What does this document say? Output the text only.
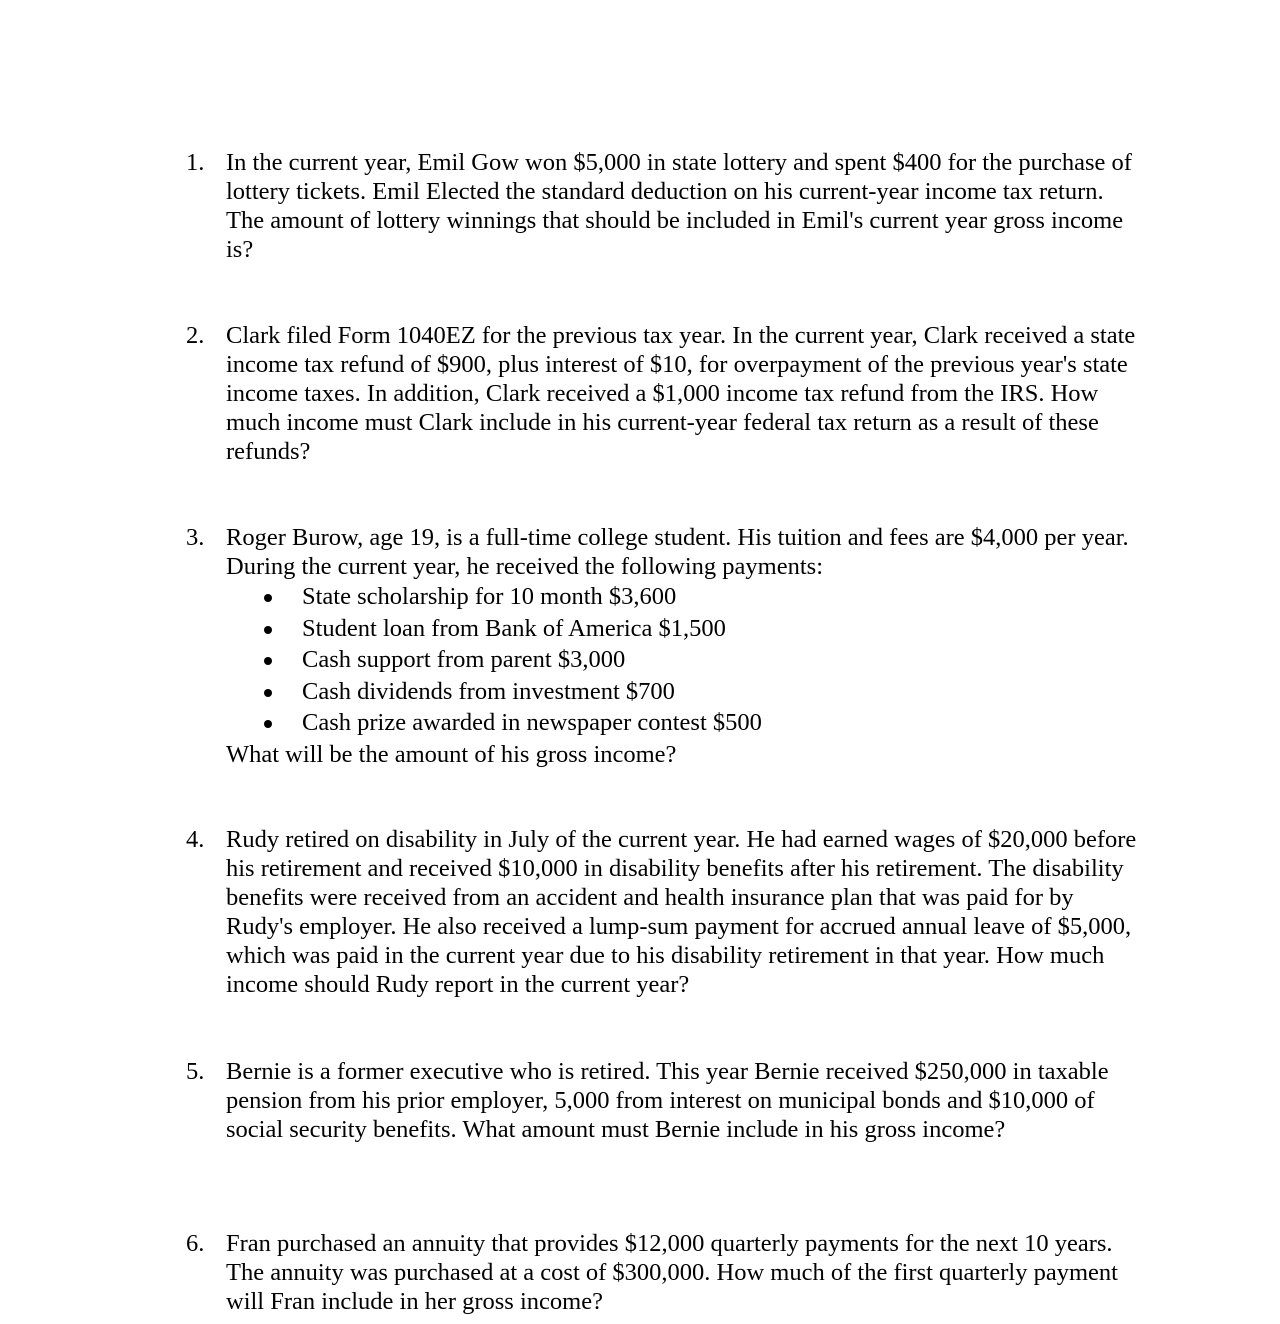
1. In the current year, Emil Gow won $5,000 in state lottery and spent $400 for the purchase of lottery tickets. Emil Elected the standard deduction on his current-year income tax return. The amount of lottery winnings that should be included in Emil's current year gross income is?

2. Clark filed Form 1040EZ for the previous tax year. In the current year, Clark received a state income tax refund of $900, plus interest of $10, for overpayment of the previous year's state income taxes. In addition, Clark received a $1,000 income tax refund from the IRS. How much income must Clark include in his current-year federal tax return as a result of these refunds?

3. Roger Burow, age 19, is a full-time college student. His tuition and fees are $4,000 per year. During the current year, he received the following payments:

State scholarship for 10 month $3,600
Student loan from Bank of America $1,500
Cash support from parent $3,000
Cash dividends from investment $700
Cash prize awarded in newspaper contest $500

What will be the amount of his gross income?

4. Rudy retired on disability in July of the current year. He had earned wages of $20,000 before his retirement and received $10,000 in disability benefits after his retirement. The disability benefits were received from an accident and health insurance plan that was paid for by Rudy's employer. He also received a lump-sum payment for accrued annual leave of $5,000, which was paid in the current year due to his disability retirement in that year. How much income should Rudy report in the current year?

5. Bernie is a former executive who is retired. This year Bernie received $250,000 in taxable pension from his prior employer, 5,000 from interest on municipal bonds and $10,000 of social security benefits. What amount must Bernie include in his gross income?

6. Fran purchased an annuity that provides $12,000 quarterly payments for the next 10 years. The annuity was purchased at a cost of $300,000. How much of the first quarterly payment will Fran include in her gross income?
